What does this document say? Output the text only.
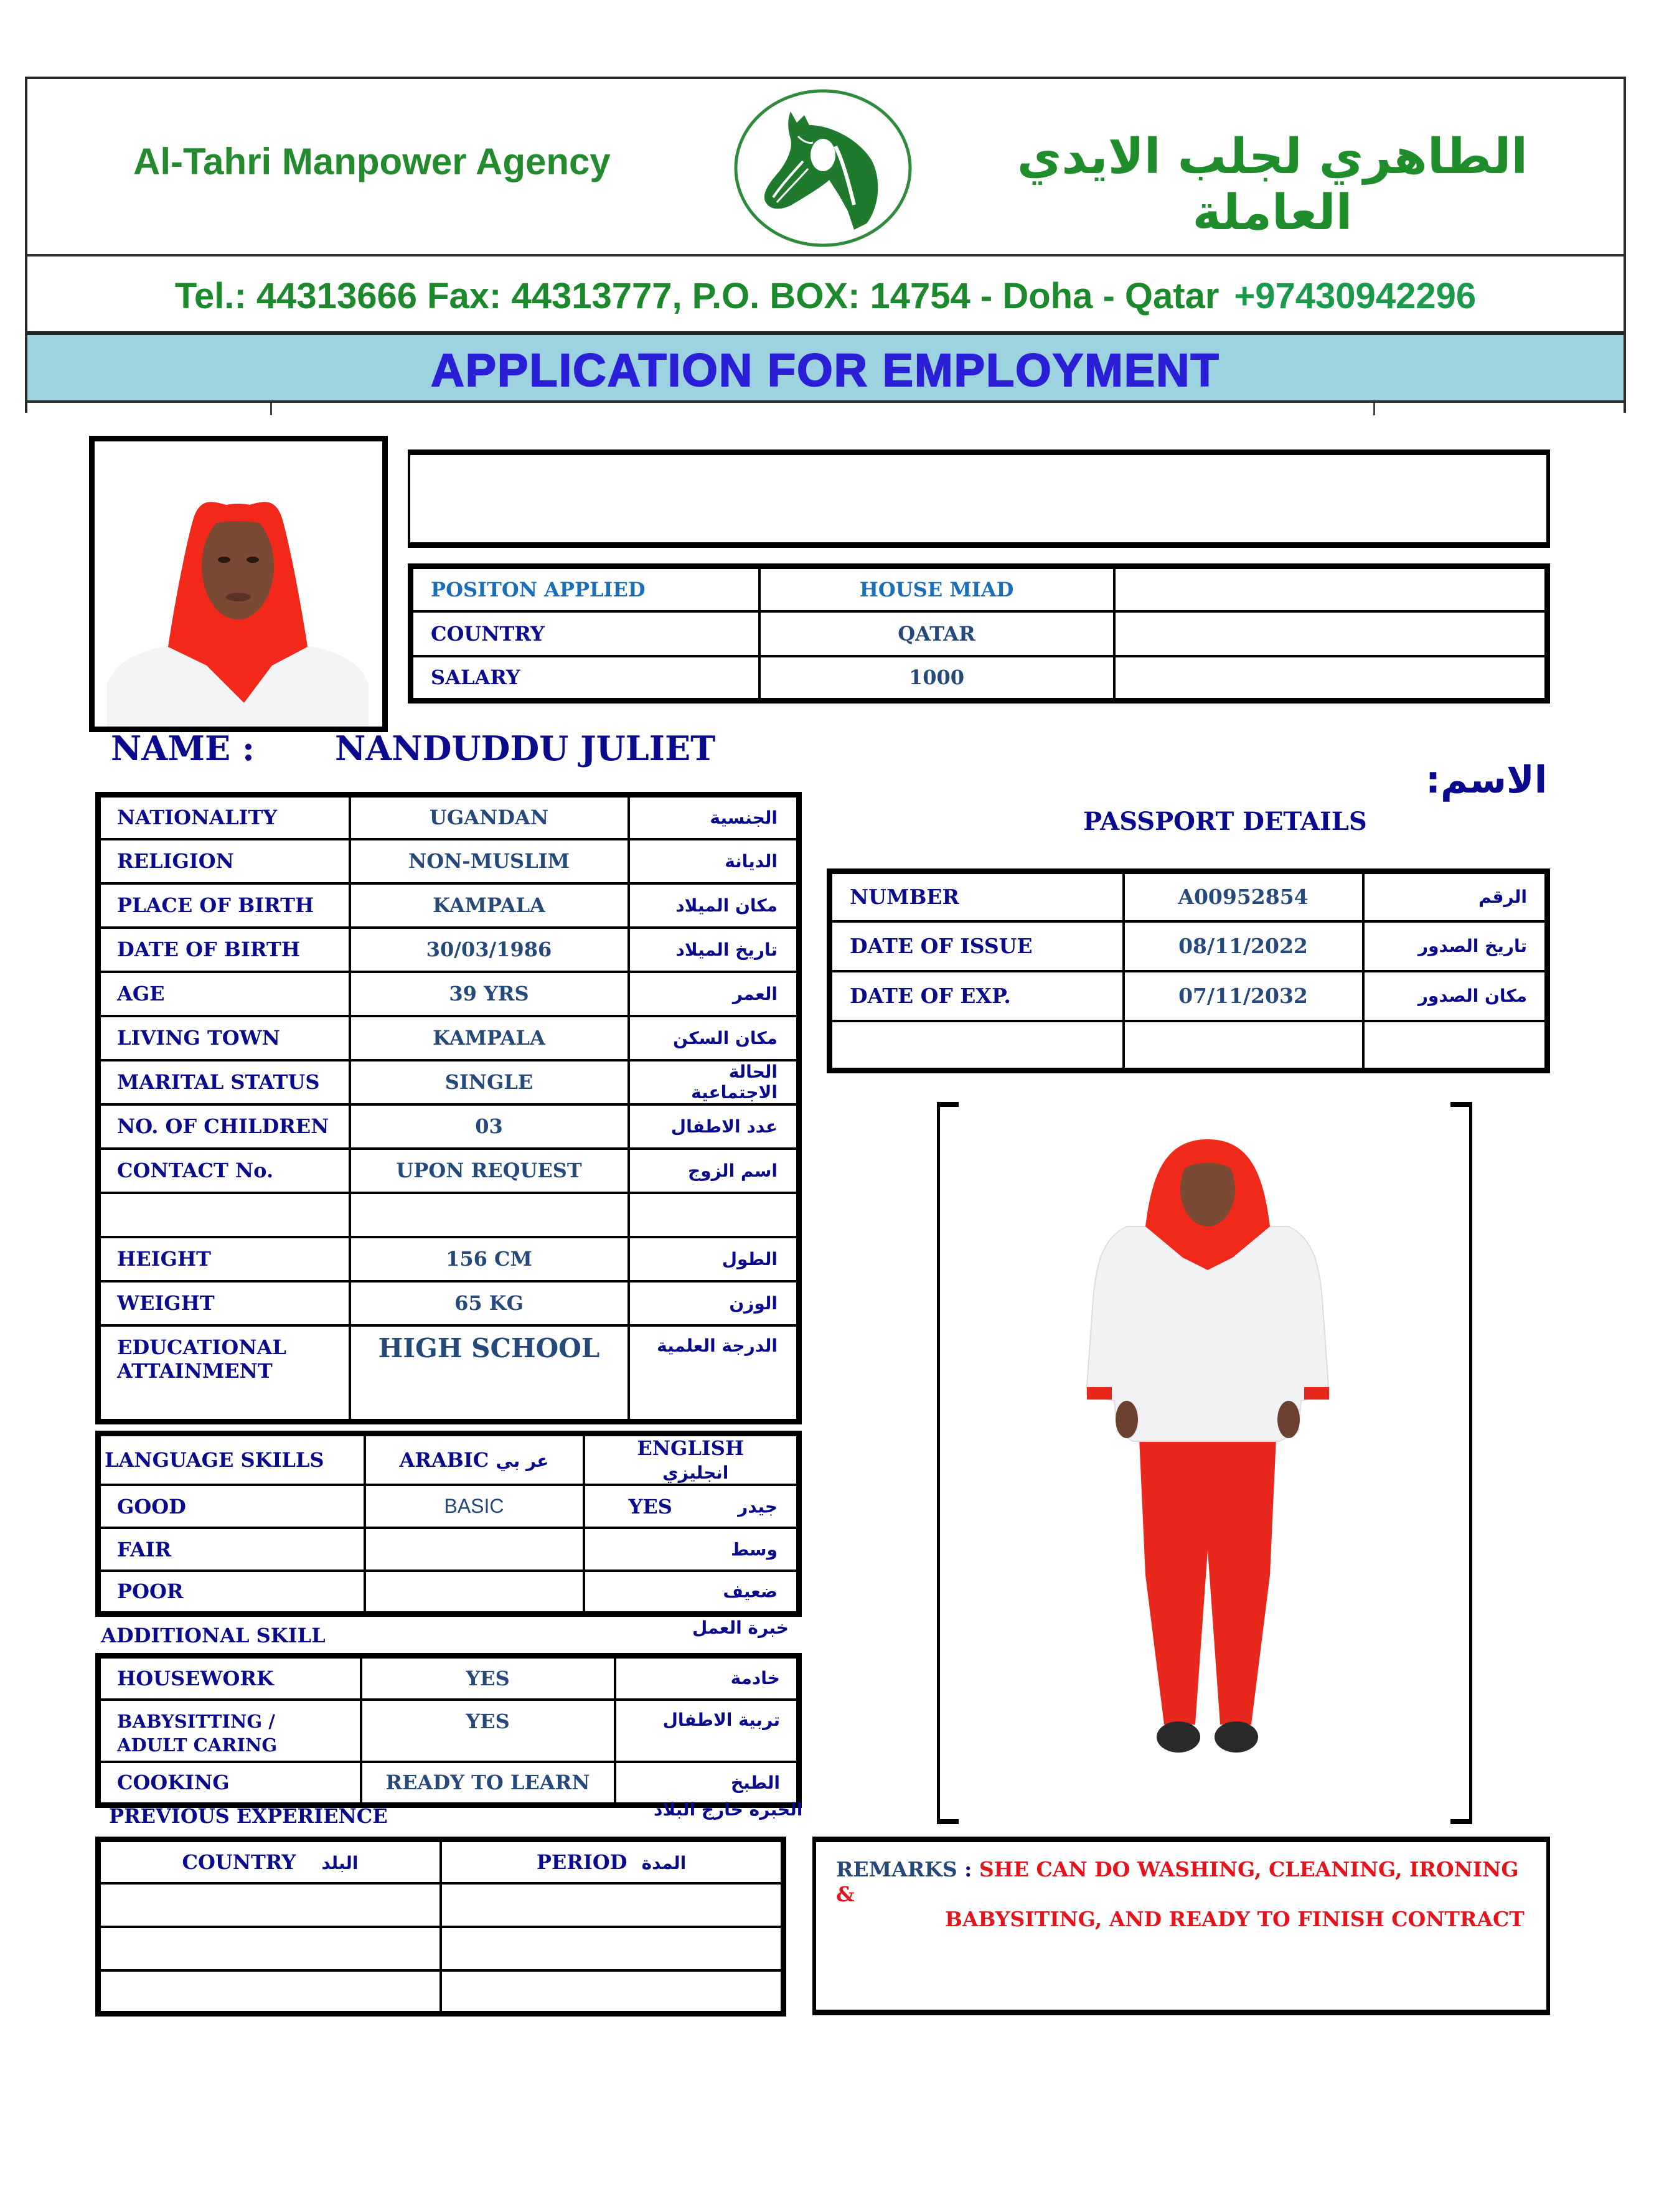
Al-Tahri Manpower Agency	الطاهري لجلب الايدي العاملة
Tel.: 44313666 Fax: 44313777, P.O. BOX: 14754 - Doha - Qatar +97430942296
APPLICATION FOR EMPLOYMENT
POSITON APPLIED	HOUSE MIAD	
COUNTRY	QATAR	
SALARY	1000	
NAME : NANDUDDU JULIET
الاسم:
NATIONALITY	UGANDAN	الجنسية
RELIGION	NON-MUSLIM	الديانة
PLACE OF BIRTH	KAMPALA	مكان الميلاد
DATE OF BIRTH	30/03/1986	تاريخ الميلاد
AGE	39 YRS	العمر
LIVING TOWN	KAMPALA	مكان السكن
MARITAL STATUS	SINGLE	الحالة الاجتماعية
NO. OF CHILDREN	03	عدد الاطفال
CONTACT No.	UPON REQUEST	اسم الزوج

HEIGHT	156 CM	الطول
WEIGHT	65 KG	الوزن
EDUCATIONAL ATTAINMENT	HIGH SCHOOL	الدرجة العلمية
PASSPORT DETAILS
NUMBER	A00952854	الرقم
DATE OF ISSUE	08/11/2022	تاريخ الصدور
DATE OF EXP.	07/11/2032	مكان الصدور

LANGUAGE SKILLS	ARABIC عر بي	ENGLISH انجليزي
GOOD	BASIC	YES جيدر

FAIR		وسط

POOR		ضعيف
ADDITIONAL SKILL	خبرة العمل
HOUSEWORK	YES	خادمة
BABYSITTING / ADULT CARING	YES	تربية الاطفال
COOKING	READY TO LEARN	الطبخ
PREVIOUS EXPERIENCE	الخبرة خارج البلاد
COUNTRY البلد	PERIOD المدة

		REMARKS : SHE CAN DO WASHING, CLEANING, IRONING &
BABYSITING, AND READY TO FINISH CONTRACT
